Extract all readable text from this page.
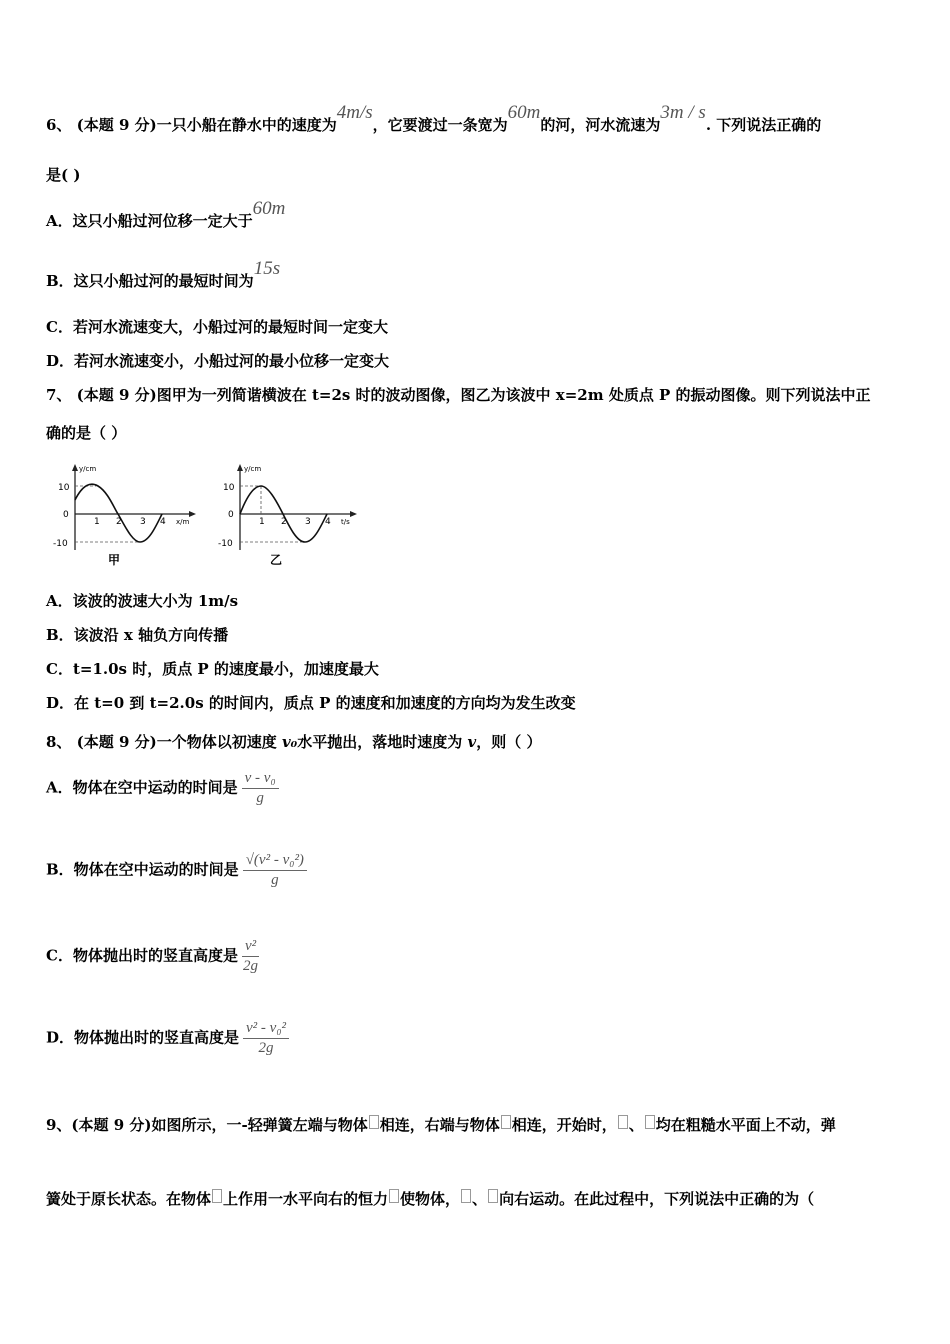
6、 (本题 9 分)一只小船在静水中的速度为4m/s，它要渡过一条宽为60m的河，河水流速为3m / s. 下列说法正确的
是( )
A．这只小船过河位移一定大于60m
B．这只小船过河的最短时间为15s
C．若河水流速变大，小船过河的最短时间一定变大
D．若河水流速变小，小船过河的最小位移一定变大
7、 (本题 9 分)图甲为一列简谐横波在 t=2s 时的波动图像，图乙为该波中 x=2m 处质点 P 的振动图像。则下列说法中正
确的是（ ）
y/cm
10
0
-10
1 2 3 4 x/m
甲
y/cm
10
0
-10
1 2 3 4 t/s
乙
A．该波的波速大小为 1m/s
B．该波沿 x 轴负方向传播
C．t=1.0s 时，质点 P 的速度最小，加速度最大
D．在 t=0 到 t=2.0s 的时间内，质点 P 的速度和加速度的方向均为发生改变
8、 (本题 9 分)一个物体以初速度 v₀水平抛出，落地时速度为 v，则（ ）
A．物体在空中运动的时间是 $\frac{\text{v - v₀}}{g}$
B．物体在空中运动的时间是 $\frac{\text{√(v² - v₀²)}}{g}$
C．物体抛出时的竖直高度是 $\frac{\text{v²}}{2g}$
D．物体抛出时的竖直高度是 $\frac{\text{v² - v₀²}}{2g}$
9、(本题 9 分)如图所示，一-轻弹簧左端与物体 相连，右端与物体 相连，开始时， 、 均在粗糙水平面上不动，弹
簧处于原长状态。在物体 上作用一水平向右的恒力 使物体， 、 向右运动。在此过程中，下列说法中正确的为（
